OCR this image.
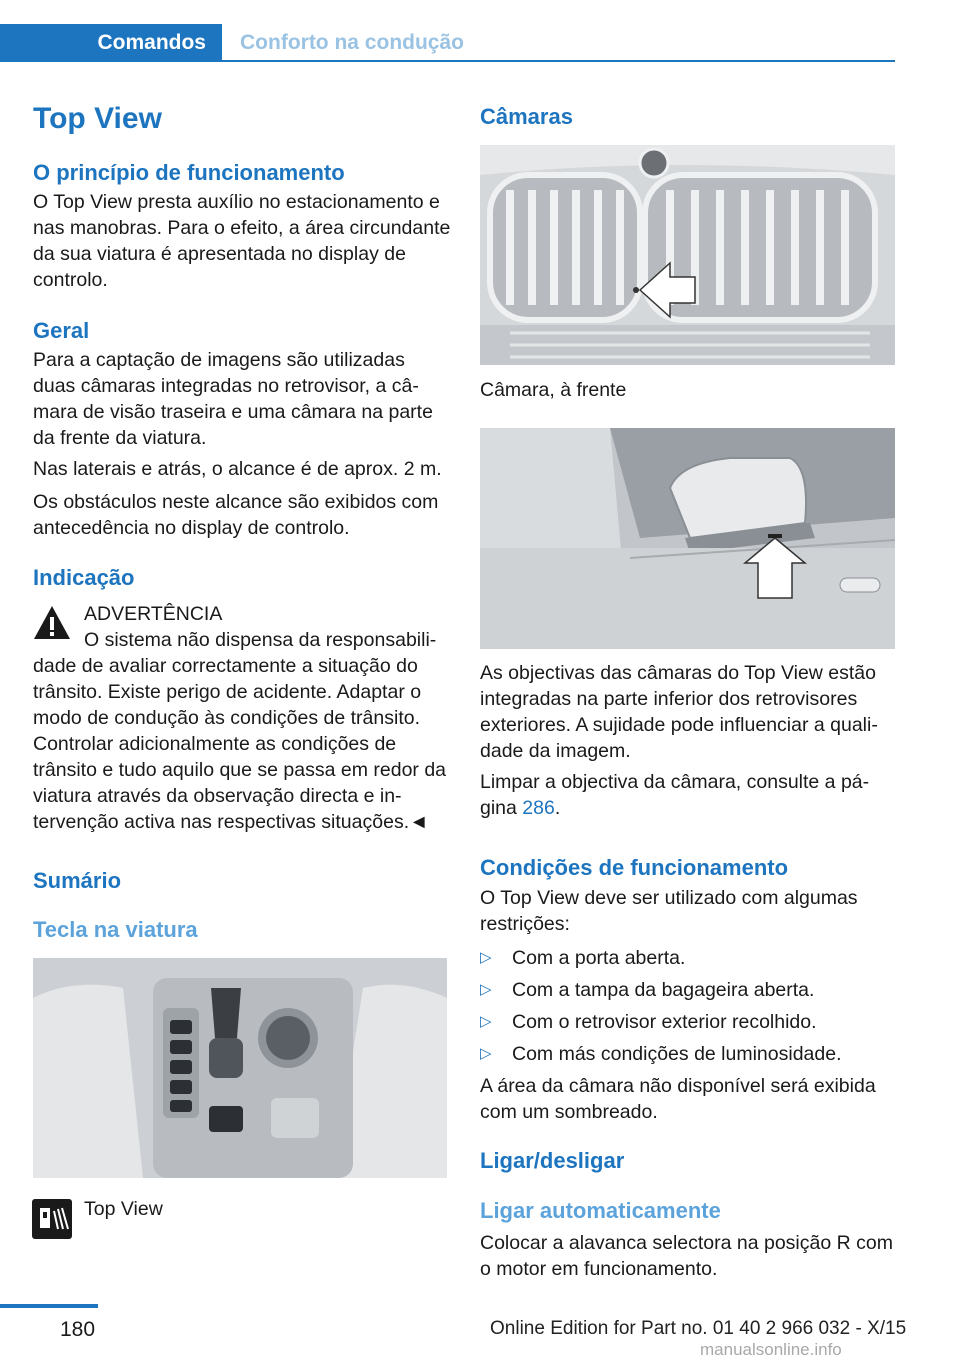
Comandos Conforto na condução
Top View
O princípio de funcionamento

O Top View presta auxílio no estacionamento e nas manobras. Para o efeito, a área circundante da sua viatura é apresentada no display de controlo.

Geral

Para a captação de imagens são utilizadas duas câmaras integradas no retrovisor, a câmara de visão traseira e uma câmara na parte da frente da viatura.

Nas laterais e atrás, o alcance é de aprox. 2 m.

Os obstáculos neste alcance são exibidos com antecedência no display de controlo.

Indicação
ADVERTÊNCIA
O sistema não dispensa da responsabilidade de avaliar correctamente a situação do trânsito. Existe perigo de acidente. Adaptar o modo de condução às condições de trânsito. Controlar adicionalmente as condições de trânsito e tudo aquilo que se passa em redor da viatura através da observação directa e intervenção activa nas respectivas situações.◄
Sumário
Tecla na viatura
Top View
Câmaras
Câmara, à frente

As objectivas das câmaras do Top View estão integradas na parte inferior dos retrovisores exteriores. A sujidade pode influenciar a qualidade da imagem.

Limpar a objectiva da câmara, consulte a página 286.

Condições de funcionamento

O Top View deve ser utilizado com algumas restrições:

▷ Com a porta aberta.
▷ Com a tampa da bagageira aberta.
▷ Com o retrovisor exterior recolhido.
▷ Com más condições de luminosidade.

A área da câmara não disponível será exibida com um sombreado.

Ligar/desligar
Ligar automaticamente

Colocar a alavanca selectora na posição R com o motor em funcionamento.

180	Online Edition for Part no. 01 40 2 966 032 - X/15
manualsonline.info
